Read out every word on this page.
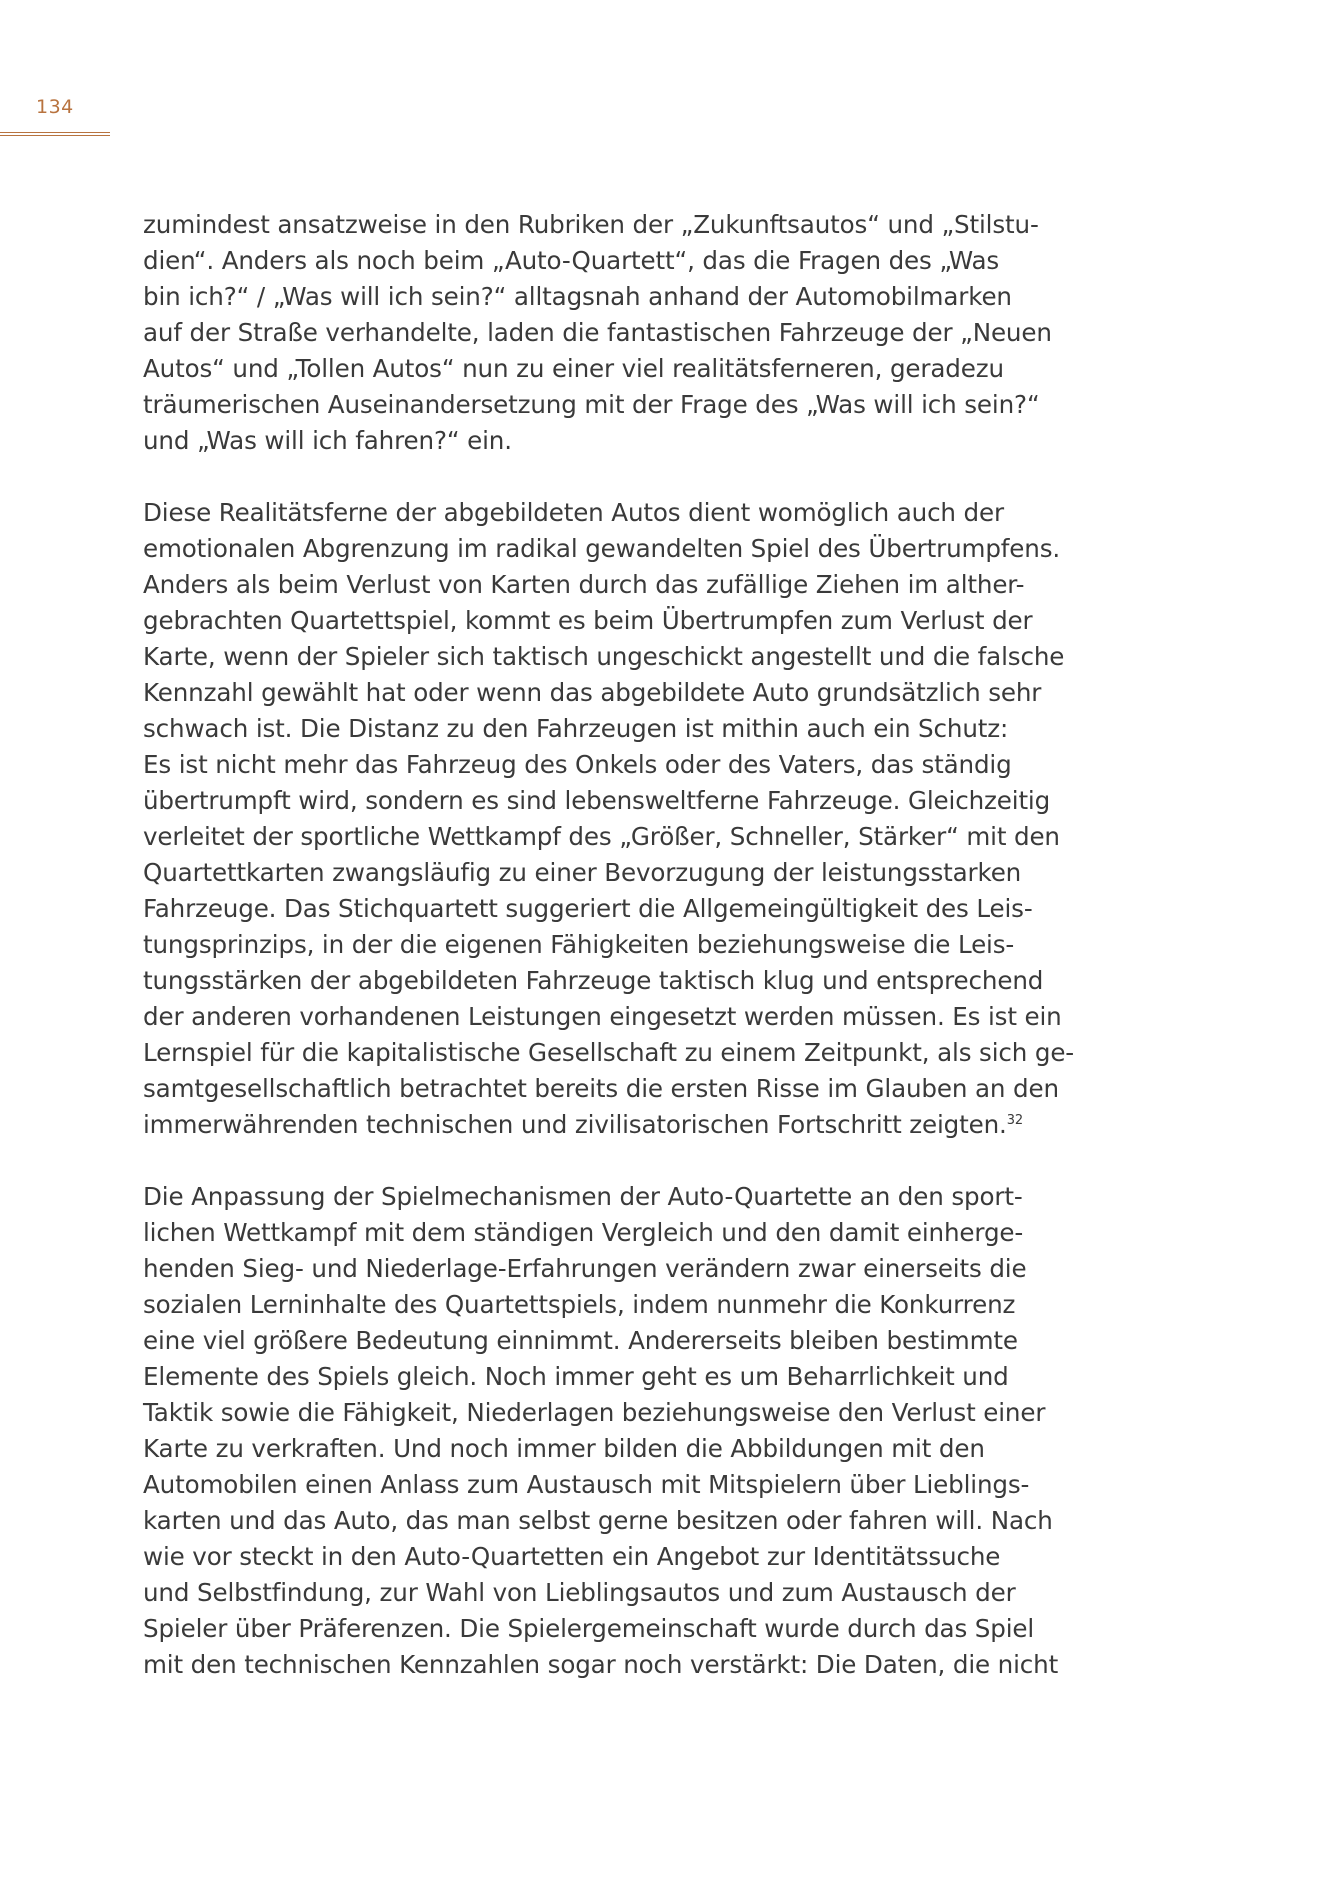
134
zumindest ansatzweise in den Rubriken der „Zukunftsautos“ und „Stilstu-
dien“. Anders als noch beim „Auto-Quartett“, das die Fragen des „Was
bin ich?“ / „Was will ich sein?“ alltagsnah anhand der Automobilmarken
auf der Straße verhandelte, laden die fantastischen Fahrzeuge der „Neuen
Autos“ und „Tollen Autos“ nun zu einer viel realitätsferneren, geradezu
träumerischen Auseinandersetzung mit der Frage des „Was will ich sein?“
und „Was will ich fahren?“ ein.
Diese Realitätsferne der abgebildeten Autos dient womöglich auch der
emotionalen Abgrenzung im radikal gewandelten Spiel des Übertrumpfens.
Anders als beim Verlust von Karten durch das zufällige Ziehen im alther-
gebrachten Quartettspiel, kommt es beim Übertrumpfen zum Verlust der
Karte, wenn der Spieler sich taktisch ungeschickt angestellt und die falsche
Kennzahl gewählt hat oder wenn das abgebildete Auto grundsätzlich sehr
schwach ist. Die Distanz zu den Fahrzeugen ist mithin auch ein Schutz:
Es ist nicht mehr das Fahrzeug des Onkels oder des Vaters, das ständig
übertrumpft wird, sondern es sind lebensweltferne Fahrzeuge. Gleichzeitig
verleitet der sportliche Wettkampf des „Größer, Schneller, Stärker“ mit den
Quartettkarten zwangsläufig zu einer Bevorzugung der leistungsstarken
Fahrzeuge. Das Stichquartett suggeriert die Allgemeingültigkeit des Leis-
tungsprinzips, in der die eigenen Fähigkeiten beziehungsweise die Leis-
tungsstärken der abgebildeten Fahrzeuge taktisch klug und entsprechend
der anderen vorhandenen Leistungen eingesetzt werden müssen. Es ist ein
Lernspiel für die kapitalistische Gesellschaft zu einem Zeitpunkt, als sich ge-
samtgesellschaftlich betrachtet bereits die ersten Risse im Glauben an den
immerwährenden technischen und zivilisatorischen Fortschritt zeigten.$^{32}$
Die Anpassung der Spielmechanismen der Auto-Quartette an den sport-
lichen Wettkampf mit dem ständigen Vergleich und den damit einherge-
henden Sieg- und Niederlage-Erfahrungen verändern zwar einerseits die
sozialen Lerninhalte des Quartettspiels, indem nunmehr die Konkurrenz
eine viel größere Bedeutung einnimmt. Andererseits bleiben bestimmte
Elemente des Spiels gleich. Noch immer geht es um Beharrlichkeit und
Taktik sowie die Fähigkeit, Niederlagen beziehungsweise den Verlust einer
Karte zu verkraften. Und noch immer bilden die Abbildungen mit den
Automobilen einen Anlass zum Austausch mit Mitspielern über Lieblings-
karten und das Auto, das man selbst gerne besitzen oder fahren will. Nach
wie vor steckt in den Auto-Quartetten ein Angebot zur Identitätssuche
und Selbstfindung, zur Wahl von Lieblingsautos und zum Austausch der
Spieler über Präferenzen. Die Spielergemeinschaft wurde durch das Spiel
mit den technischen Kennzahlen sogar noch verstärkt: Die Daten, die nicht
